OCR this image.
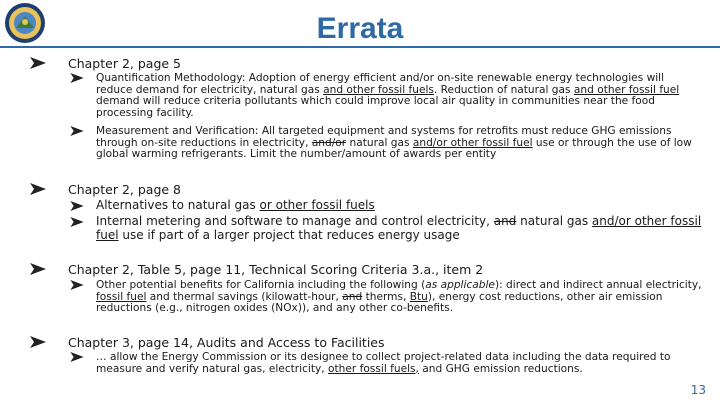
Errata
Chapter 2, page 5
Quantification Methodology: Adoption of energy efficient and/or on-site renewable energy technologies will reduce demand for electricity, natural gas and other fossil fuels. Reduction of natural gas and other fossil fuel demand will reduce criteria pollutants which could improve local air quality in communities near the food processing facility.
Measurement and Verification: All targeted equipment and systems for retrofits must reduce GHG emissions through on-site reductions in electricity, and/or natural gas and/or other fossil fuel use or through the use of low global warming refrigerants. Limit the number/amount of awards per entity
Chapter 2, page 8
Alternatives to natural gas or other fossil fuels
Internal metering and software to manage and control electricity, and natural gas and/or other fossil fuel use if part of a larger project that reduces energy usage
Chapter 2, Table 5, page 11, Technical Scoring Criteria 3.a., item 2
Other potential benefits for California including the following (as applicable): direct and indirect annual electricity, fossil fuel and thermal savings (kilowatt-hour, and therms, Btu), energy cost reductions, other air emission reductions (e.g., nitrogen oxides (NOx)), and any other co-benefits.
Chapter 3, page 14, Audits and Access to Facilities
… allow the Energy Commission or its designee to collect project-related data including the data required to measure and verify natural gas, electricity, other fossil fuels, and GHG emission reductions.
13
